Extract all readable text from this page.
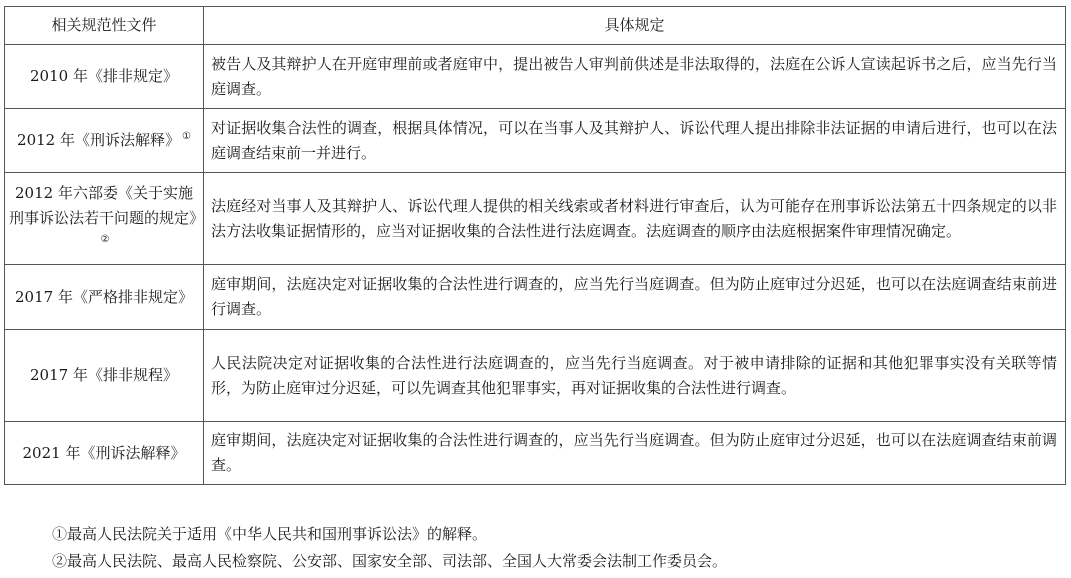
相关规范性文件	具体规定
2010 年《排非规定》	被告人及其辩护人在开庭审理前或者庭审中，提出被告人审判前供述是非法取得的，法庭在公诉人宣读起诉书之后，应当先行当庭调查。
2012 年《刑诉法解释》 ①	对证据收集合法性的调查，根据具体情况，可以在当事人及其辩护人、诉讼代理人提出排除非法证据的申请后进行，也可以在法庭调查结束前一并进行。
2012 年六部委《关于实施刑事诉讼法若干问题的规定》②	法庭经对当事人及其辩护人、诉讼代理人提供的相关线索或者材料进行审查后，认为可能存在刑事诉讼法第五十四条规定的以非法方法收集证据情形的，应当对证据收集的合法性进行法庭调查。法庭调查的顺序由法庭根据案件审理情况确定。
2017 年《严格排非规定》	庭审期间，法庭决定对证据收集的合法性进行调查的，应当先行当庭调查。但为防止庭审过分迟延，也可以在法庭调查结束前进行调查。
2017 年《排非规程》	人民法院决定对证据收集的合法性进行法庭调查的，应当先行当庭调查。对于被申请排除的证据和其他犯罪事实没有关联等情形，为防止庭审过分迟延，可以先调查其他犯罪事实，再对证据收集的合法性进行调查。
2021 年《刑诉法解释》	庭审期间，法庭决定对证据收集的合法性进行调查的，应当先行当庭调查。但为防止庭审过分迟延，也可以在法庭调查结束前调查。

①最高人民法院关于适用《中华人民共和国刑事诉讼法》的解释。

②最高人民法院、最高人民检察院、公安部、国家安全部、司法部、全国人大常委会法制工作委员会。
